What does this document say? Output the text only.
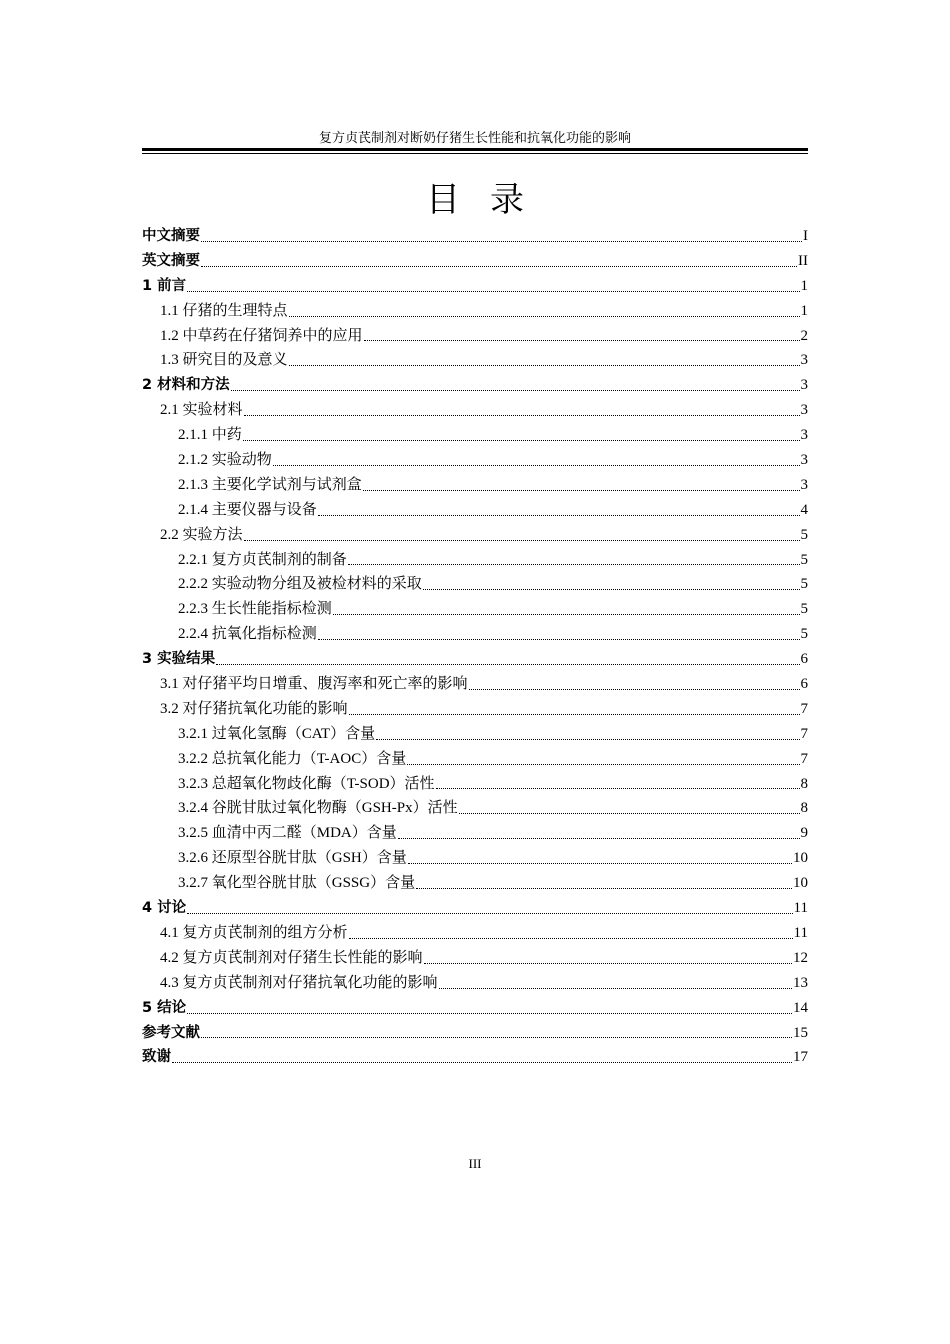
复方贞芪制剂对断奶仔猪生长性能和抗氧化功能的影响
目录
中文摘要	I
英文摘要	II
1 前言	1
1.1 仔猪的生理特点	1
1.2 中草药在仔猪饲养中的应用	2
1.3 研究目的及意义	3
2 材料和方法	3
2.1 实验材料	3
2.1.1 中药	3
2.1.2 实验动物	3
2.1.3 主要化学试剂与试剂盒	3
2.1.4 主要仪器与设备	4
2.2 实验方法	5
2.2.1 复方贞芪制剂的制备	5
2.2.2 实验动物分组及被检材料的采取	5
2.2.3 生长性能指标检测	5
2.2.4 抗氧化指标检测	5
3 实验结果	6
3.1 对仔猪平均日增重、腹泻率和死亡率的影响	6
3.2 对仔猪抗氧化功能的影响	7
3.2.1 过氧化氢酶（CAT）含量	7
3.2.2 总抗氧化能力（T-AOC）含量	7
3.2.3 总超氧化物歧化酶（T-SOD）活性	8
3.2.4 谷胱甘肽过氧化物酶（GSH-Px）活性	8
3.2.5 血清中丙二醛（MDA）含量	9
3.2.6 还原型谷胱甘肽（GSH）含量	10
3.2.7 氧化型谷胱甘肽（GSSG）含量	10
4 讨论	11
4.1 复方贞芪制剂的组方分析	11
4.2 复方贞芪制剂对仔猪生长性能的影响	12
4.3 复方贞芪制剂对仔猪抗氧化功能的影响	13
5 结论	14
参考文献	15
致谢	17
III
